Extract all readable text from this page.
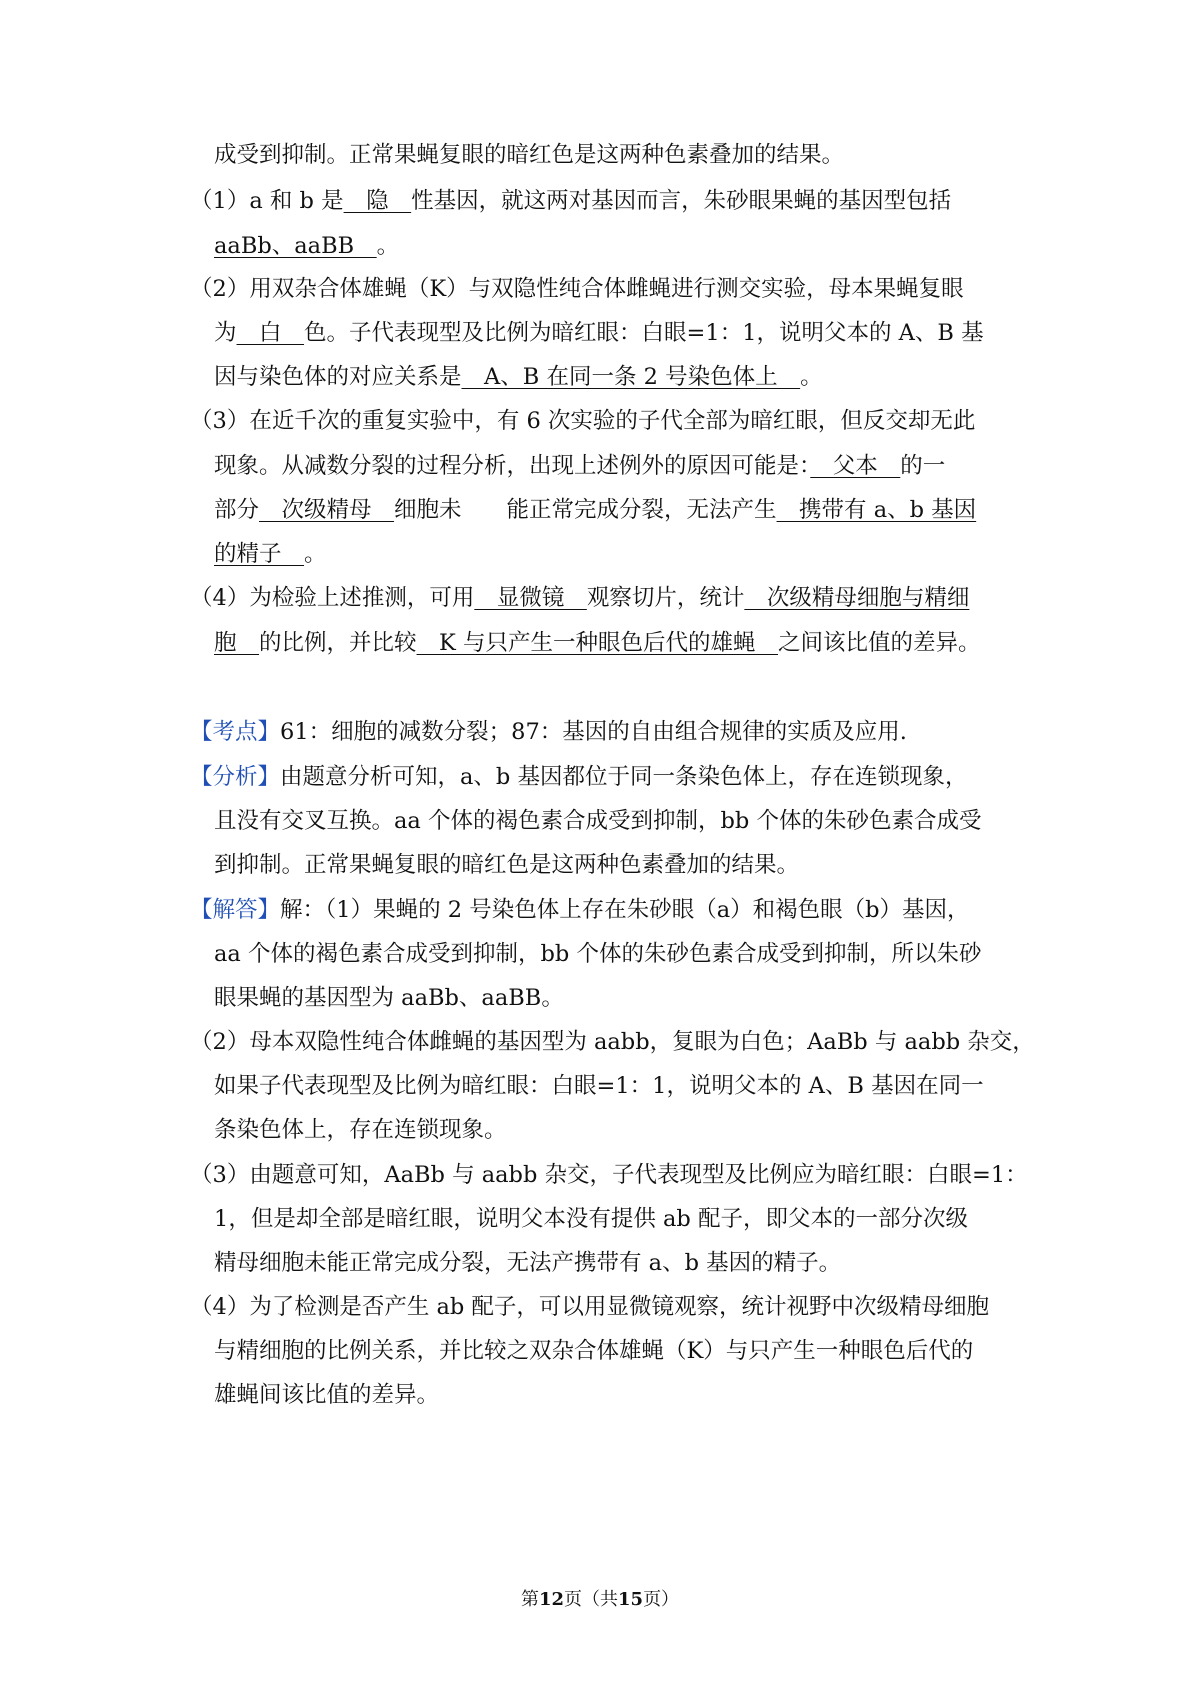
成受到抑制。正常果蝇复眼的暗红色是这两种色素叠加的结果。
（1）a 和 b 是　隐　性基因，就这两对基因而言，朱砂眼果蝇的基因型包括
aaBb、aaBB　。
（2）用双杂合体雄蝇（K）与双隐性纯合体雌蝇进行测交实验，母本果蝇复眼
为　白　色。子代表现型及比例为暗红眼：白眼=1：1，说明父本的 A、B 基
因与染色体的对应关系是　A、B 在同一条 2 号染色体上　。
（3）在近千次的重复实验中，有 6 次实验的子代全部为暗红眼，但反交却无此
现象。从减数分裂的过程分析，出现上述例外的原因可能是：　父本　的一
部分　次级精母　细胞未　　能正常完成分裂，无法产生　携带有 a、b 基因
的精子　。
（4）为检验上述推测，可用　显微镜　观察切片，统计　次级精母细胞与精细
胞　的比例，并比较　K 与只产生一种眼色后代的雄蝇　之间该比值的差异。
【考点】61：细胞的减数分裂；87：基因的自由组合规律的实质及应用.
【分析】由题意分析可知，a、b 基因都位于同一条染色体上，存在连锁现象，
且没有交叉互换。aa 个体的褐色素合成受到抑制，bb 个体的朱砂色素合成受
到抑制。正常果蝇复眼的暗红色是这两种色素叠加的结果。
【解答】解：（1）果蝇的 2 号染色体上存在朱砂眼（a）和褐色眼（b）基因，
aa 个体的褐色素合成受到抑制，bb 个体的朱砂色素合成受到抑制，所以朱砂
眼果蝇的基因型为 aaBb、aaBB。
（2）母本双隐性纯合体雌蝇的基因型为 aabb，复眼为白色；AaBb 与 aabb 杂交，
如果子代表现型及比例为暗红眼：白眼=1：1，说明父本的 A、B 基因在同一
条染色体上，存在连锁现象。
（3）由题意可知，AaBb 与 aabb 杂交，子代表现型及比例应为暗红眼：白眼=1：
1，但是却全部是暗红眼，说明父本没有提供 ab 配子，即父本的一部分次级
精母细胞未能正常完成分裂，无法产携带有 a、b 基因的精子。
（4）为了检测是否产生 ab 配子，可以用显微镜观察，统计视野中次级精母细胞
与精细胞的比例关系，并比较之双杂合体雄蝇（K）与只产生一种眼色后代的
雄蝇间该比值的差异。
第12页（共15页）
